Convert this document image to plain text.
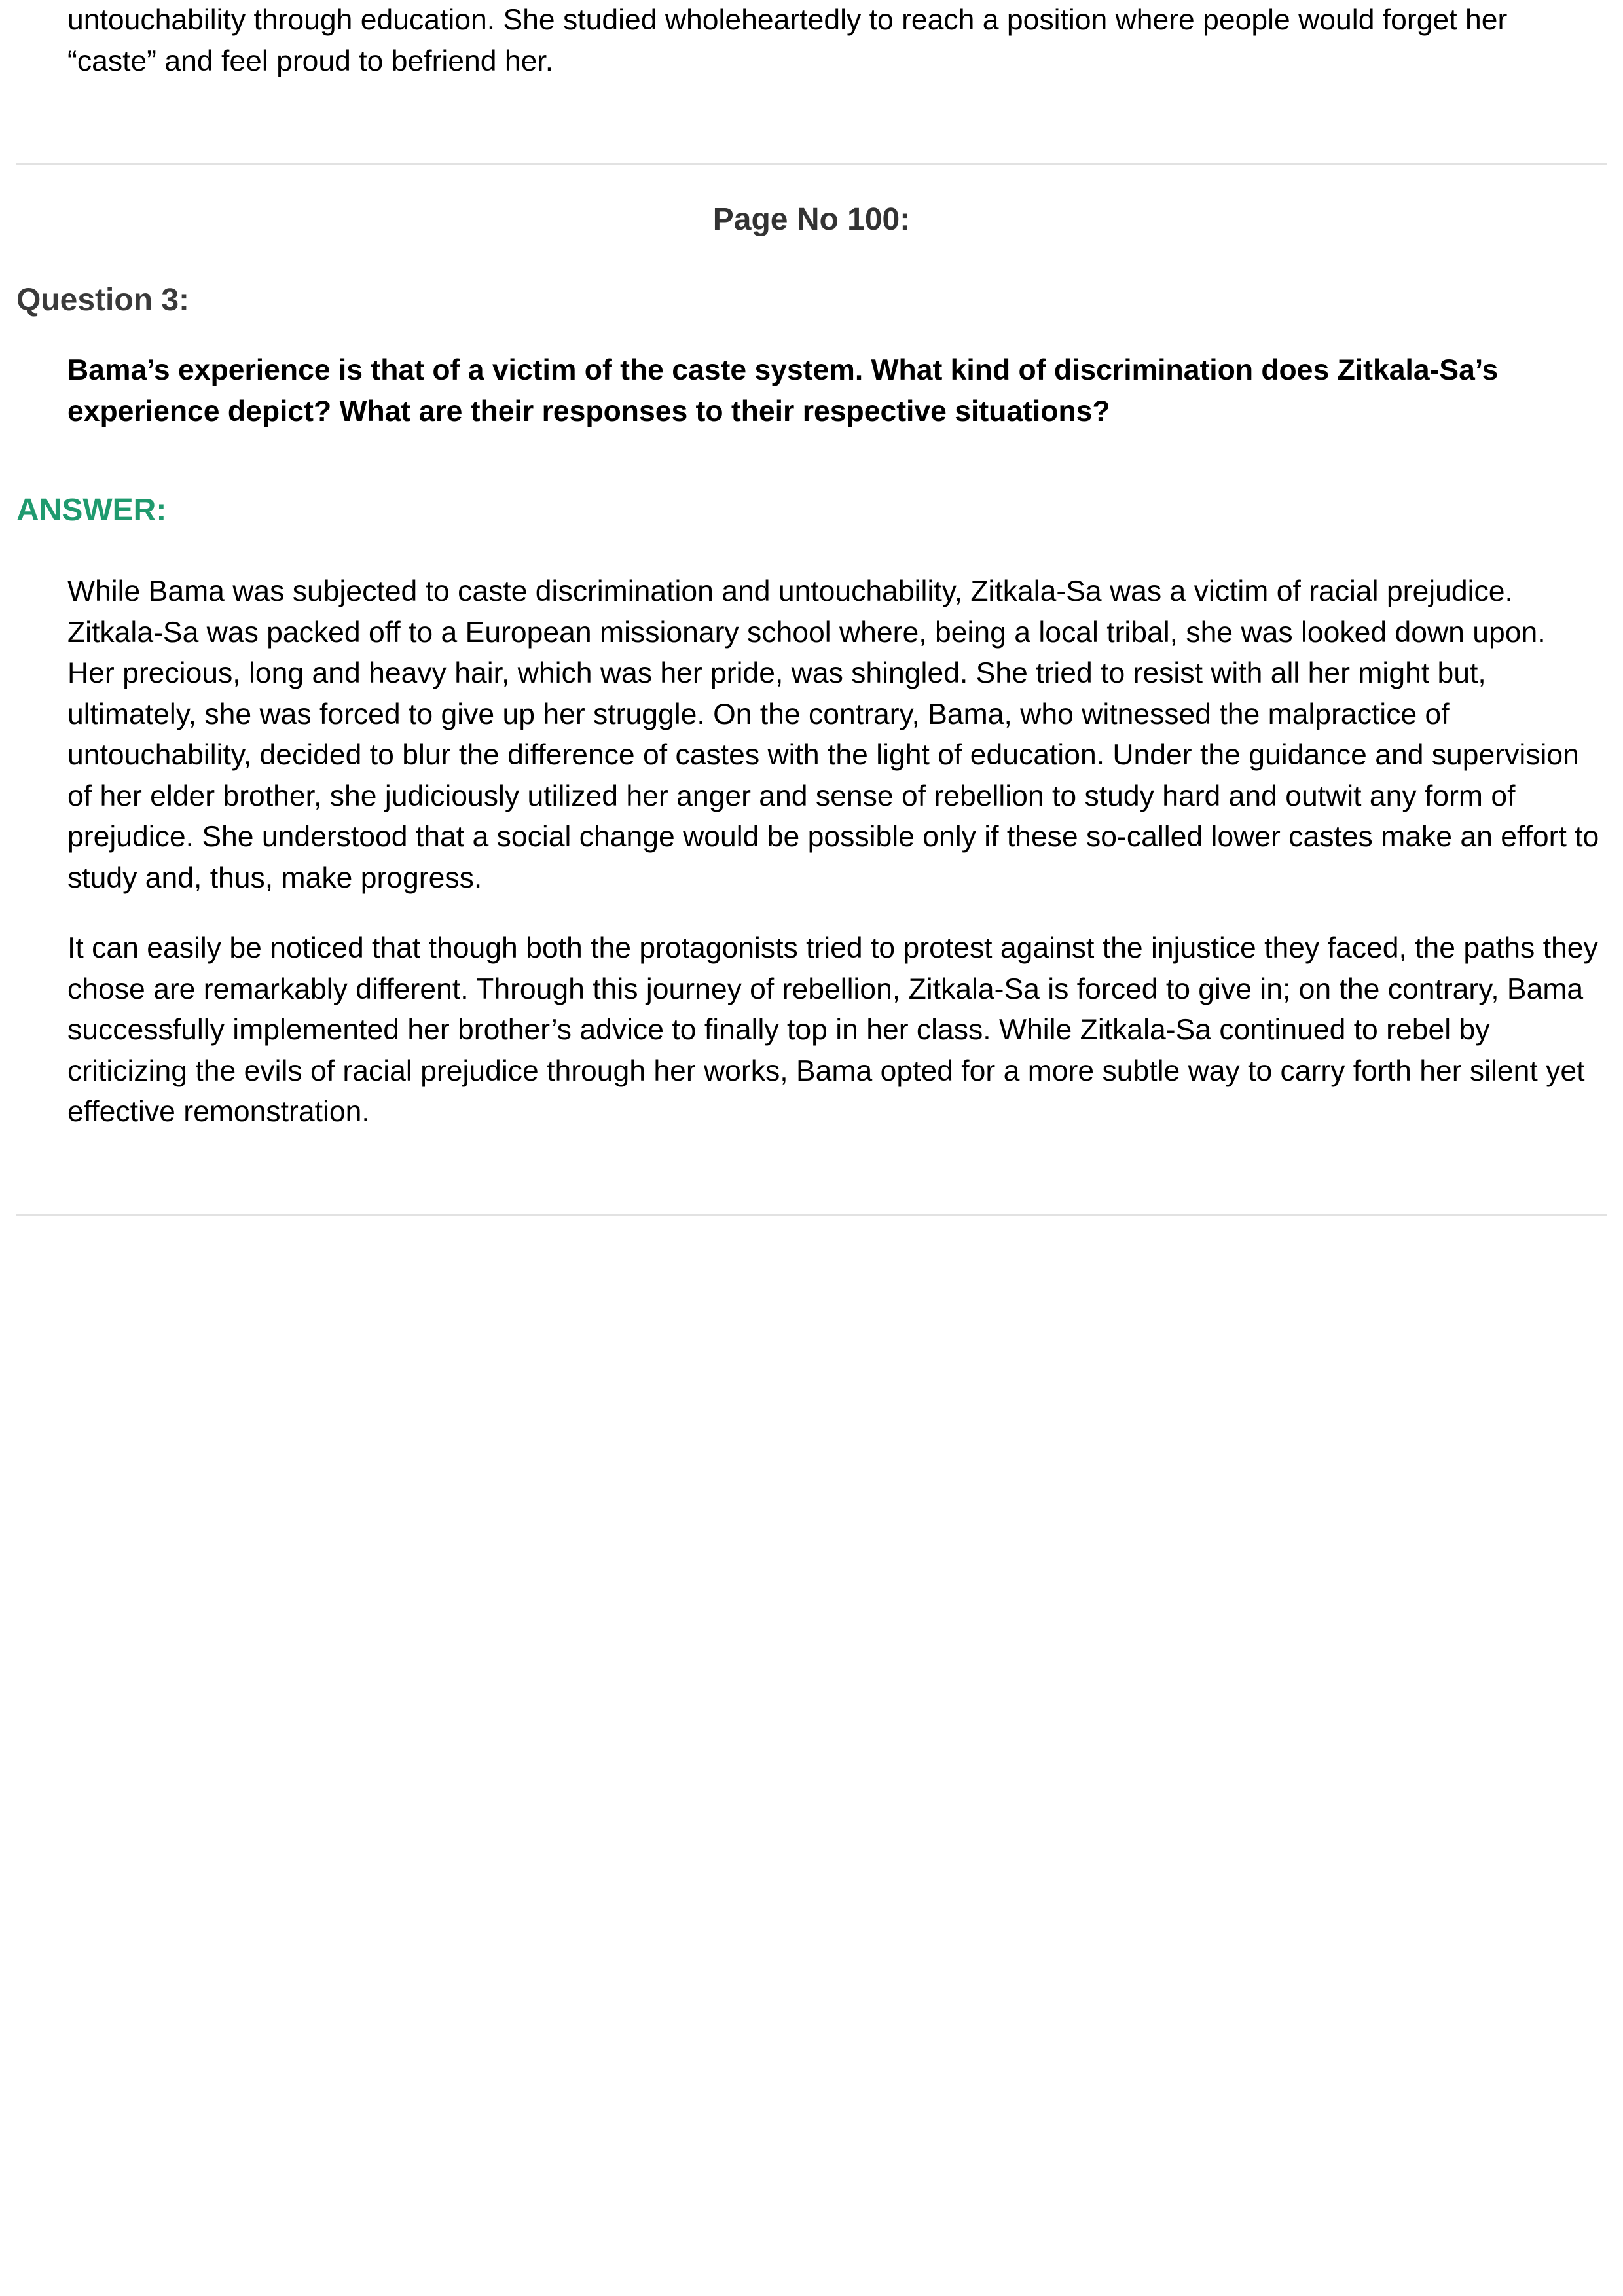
untouchability through education. She studied wholeheartedly to reach a position where people would forget her “caste” and feel proud to befriend her.

Page No 100:
Question 3:

Bama’s experience is that of a victim of the caste system. What kind of discrimination does Zitkala-Sa’s experience depict? What are their responses to their respective situations?

ANSWER:

While Bama was subjected to caste discrimination and untouchability, Zitkala-Sa was a victim of racial prejudice. Zitkala-Sa was packed off to a European missionary school where, being a local tribal, she was looked down upon. Her precious, long and heavy hair, which was her pride, was shingled. She tried to resist with all her might but, ultimately, she was forced to give up her struggle. On the contrary, Bama, who witnessed the malpractice of untouchability, decided to blur the difference of castes with the light of education. Under the guidance and supervision of her elder brother, she judiciously utilized her anger and sense of rebellion to study hard and outwit any form of prejudice. She understood that a social change would be possible only if these so-called lower castes make an effort to study and, thus, make progress.

It can easily be noticed that though both the protagonists tried to protest against the injustice they faced, the paths they chose are remarkably different. Through this journey of rebellion, Zitkala-Sa is forced to give in; on the contrary, Bama successfully implemented her brother’s advice to finally top in her class. While Zitkala-Sa continued to rebel by criticizing the evils of racial prejudice through her works, Bama opted for a more subtle way to carry forth her silent yet effective remonstration.
